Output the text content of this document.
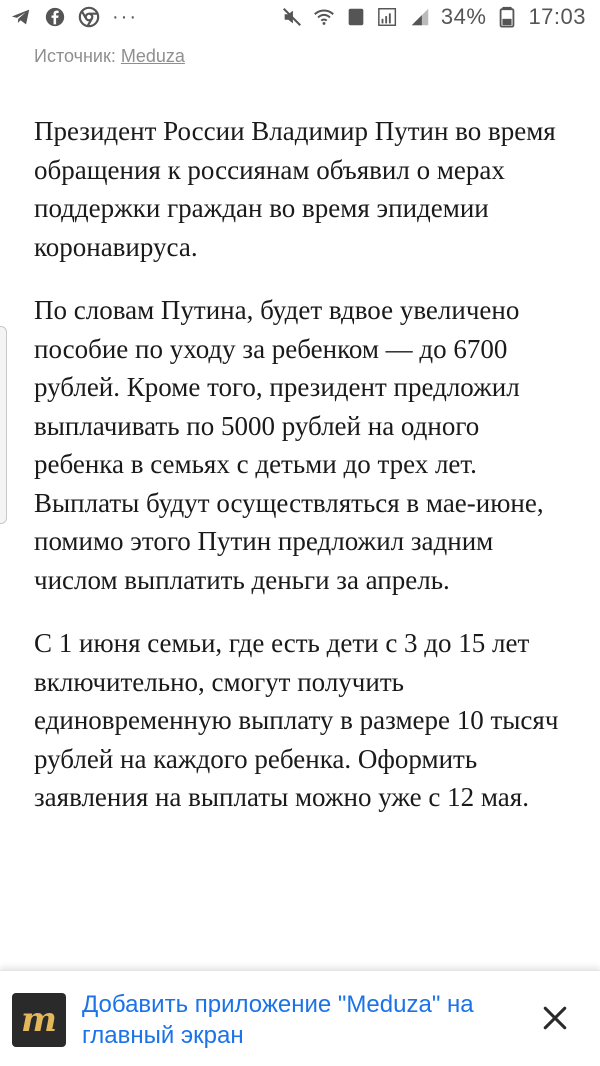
···	34% 17:03
Источник: Meduza

Президент России Владимир Путин во время обращения к россиянам объявил о мерах поддержки граждан во время эпидемии коронавируса.

По словам Путина, будет вдвое увеличено пособие по уходу за ребенком — до 6700 рублей. Кроме того, президент предложил выплачивать по 5000 рублей на одного ребенка в семьях с детьми до трех лет. Выплаты будут осуществляться в мае-июне, помимо этого Путин предложил задним числом выплатить деньги за апрель.

С 1 июня семьи, где есть дети с 3 до 15 лет включительно, смогут получить единовременную выплату в размере 10 тысяч рублей на каждого ребенка. Оформить заявления на выплаты можно уже с 12 мая.

m Добавить приложение "Meduza" на главный экран
